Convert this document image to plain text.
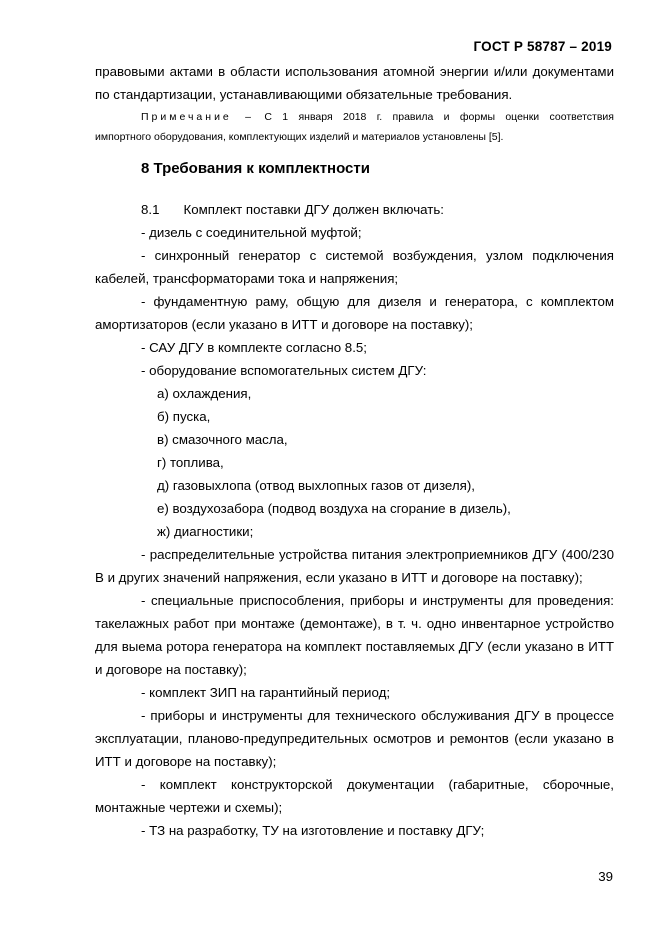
ГОСТ Р 58787 – 2019
правовыми актами в области использования атомной энергии и/или документами
по стандартизации, устанавливающими обязательные требования.
Примечание – С 1 января 2018 г. правила и формы оценки соответствия
импортного оборудования, комплектующих изделий и материалов установлены [5].
8 Требования к комплектности
8.1 Комплект поставки ДГУ должен включать:
- дизель с соединительной муфтой;
- синхронный генератор с системой возбуждения, узлом подключения
кабелей, трансформаторами тока и напряжения;
- фундаментную раму, общую для дизеля и генератора, с комплектом
амортизаторов (если указано в ИТТ и договоре на поставку);
- САУ ДГУ в комплекте согласно 8.5;
- оборудование вспомогательных систем ДГУ:
а) охлаждения,
б) пуска,
в) смазочного масла,
г) топлива,
д) газовыхлопа (отвод выхлопных газов от дизеля),
е) воздухозабора (подвод воздуха на сгорание в дизель),
ж) диагностики;
- распределительные устройства питания электроприемников ДГУ (400/230
В и других значений напряжения, если указано в ИТТ и договоре на поставку);
- специальные приспособления, приборы и инструменты для проведения:
такелажных работ при монтаже (демонтаже), в т. ч. одно инвентарное устройство
для выема ротора генератора на комплект поставляемых ДГУ (если указано в ИТТ
и договоре на поставку);
- комплект ЗИП на гарантийный период;
- приборы и инструменты для технического обслуживания ДГУ в процессе
эксплуатации, планово-предупредительных осмотров и ремонтов (если указано в
ИТТ и договоре на поставку);
- комплект конструкторской документации (габаритные, сборочные,
монтажные чертежи и схемы);
- ТЗ на разработку, ТУ на изготовление и поставку ДГУ;
39
